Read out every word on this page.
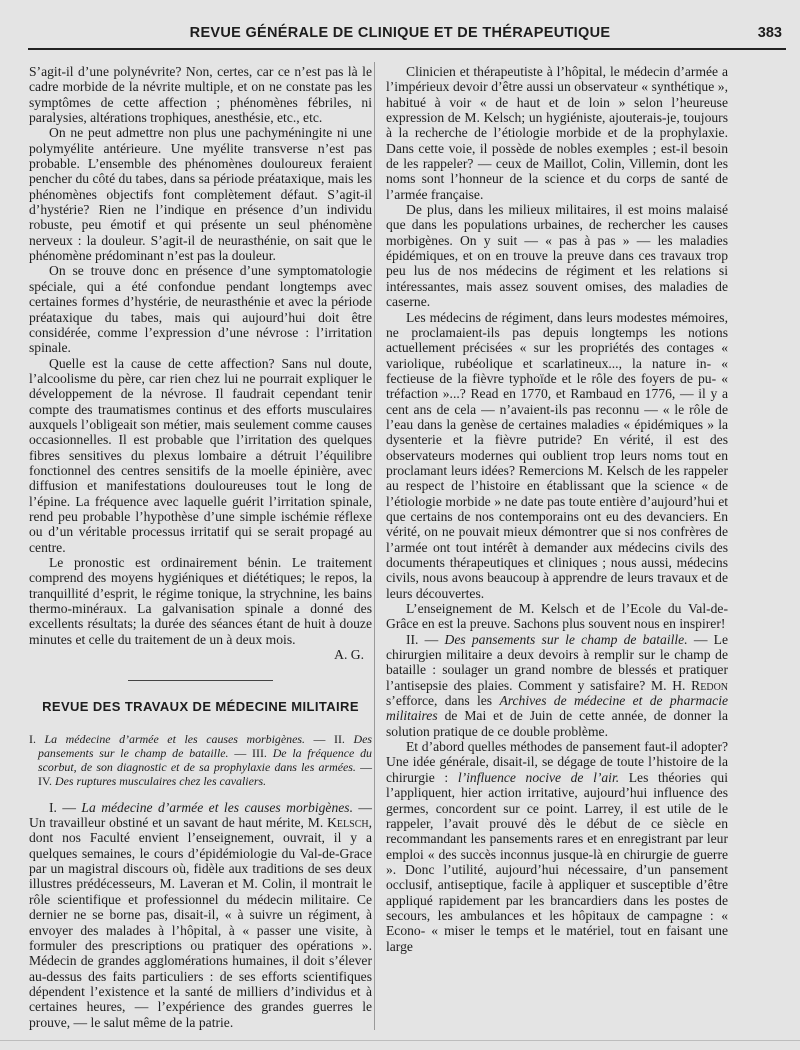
REVUE GÉNÉRALE DE CLINIQUE ET DE THÉRAPEUTIQUE	383

S’agit-il d’une polynévrite? Non, certes, car ce n’est pas là le cadre morbide de la névrite multiple, et on ne constate pas les symptômes de cette affection ; phénomènes fébriles, ni paralysies, altérations trophiques, anesthésie, etc., etc.

On ne peut admettre non plus une pachyméningite ni une polymyélite antérieure. Une myélite transverse n’est pas probable. L’ensemble des phénomènes douloureux feraient pencher du côté du tabes, dans sa période préataxique, mais les phénomènes objectifs font complètement défaut. S’agit-il d’hystérie? Rien ne l’indique en présence d’un individu robuste, peu émotif et qui présente un seul phénomène nerveux : la douleur. S’agit-il de neurasthénie, on sait que le phénomène prédominant n’est pas la douleur.

On se trouve donc en présence d’une symptomatologie spéciale, qui a été confondue pendant longtemps avec certaines formes d’hystérie, de neurasthénie et avec la période préataxique du tabes, mais qui aujourd’hui doit être considérée, comme l’expression d’une névrose : l’irritation spinale.

Quelle est la cause de cette affection? Sans nul doute, l’alcoolisme du père, car rien chez lui ne pourrait expliquer le développement de la névrose. Il faudrait cependant tenir compte des traumatismes continus et des efforts musculaires auxquels l’obligeait son métier, mais seulement comme causes occasionnelles. Il est probable que l’irritation des quelques fibres sensitives du plexus lombaire a détruit l’équilibre fonctionnel des centres sensitifs de la moelle épinière, avec diffusion et manifestations douloureuses tout le long de l’épine. La fréquence avec laquelle guérit l’irritation spinale, rend peu probable l’hypothèse d’une simple ischémie réflexe ou d’un véritable processus irritatif qui se serait propagé au centre.

Le pronostic est ordinairement bénin. Le traitement comprend des moyens hygiéniques et diététiques; le repos, la tranquillité d’esprit, le régime tonique, la strychnine, les bains thermo-minéraux. La galvanisation spinale a donné des excellents résultats; la durée des séances étant de huit à douze minutes et celle du traitement de un à deux mois.

A. G.

REVUE DES TRAVAUX DE MÉDECINE MILITAIRE

I. La médecine d’armée et les causes morbigènes. — II. Des pansements sur le champ de bataille. — III. De la fréquence du scorbut, de son diagnostic et de sa prophylaxie dans les armées. — IV. Des ruptures musculaires chez les cavaliers.

I. — La médecine d’armée et les causes morbigènes. — Un travailleur obstiné et un savant de haut mérite, M. Kelsch, dont nos Faculté envient l’enseignement, ouvrait, il y a quelques semaines, le cours d’épidémiologie du Val-de-Grace par un magistral discours où, fidèle aux traditions de ses deux illustres prédécesseurs, M. Laveran et M. Colin, il montrait le rôle scientifique et professionnel du médecin militaire. Ce dernier ne se borne pas, disait-il, « à suivre un régiment, à envoyer des malades à l’hôpital, à « passer une visite, à formuler des prescriptions ou pratiquer des opérations ». Médecin de grandes agglomérations humaines, il doit s’élever au-dessus des faits particuliers : de ses efforts scientifiques dépendent l’existence et la santé de milliers d’individus et à certaines heures, — l’expérience des grandes guerres le prouve, — le salut même de la patrie.

Clinicien et thérapeutiste à l’hôpital, le médecin d’armée a l’impérieux devoir d’être aussi un observateur « synthétique », habitué à voir « de haut et de loin » selon l’heureuse expression de M. Kelsch; un hygiéniste, ajouterais-je, toujours à la recherche de l’étiologie morbide et de la prophylaxie. Dans cette voie, il possède de nobles exemples ; est-il besoin de les rappeler? — ceux de Maillot, Colin, Villemin, dont les noms sont l’honneur de la science et du corps de santé de l’armée française.

De plus, dans les milieux militaires, il est moins malaisé que dans les populations urbaines, de rechercher les causes morbigènes. On y suit — « pas à pas » — les maladies épidémiques, et on en trouve la preuve dans ces travaux trop peu lus de nos médecins de régiment et les relations si intéressantes, mais assez souvent omises, des maladies de caserne.

Les médecins de régiment, dans leurs modestes mémoires, ne proclamaient-ils pas depuis longtemps les notions actuellement précisées « sur les propriétés des contages « variolique, rubéolique et scarlatineux..., la nature in- « fectieuse de la fièvre typhoïde et le rôle des foyers de pu- « tréfaction »...? Read en 1770, et Rambaud en 1776, — il y a cent ans de cela — n’avaient-ils pas reconnu — « le rôle de l’eau dans la genèse de certaines maladies « épidémiques » la dysenterie et la fièvre putride? En vérité, il est des observateurs modernes qui oublient trop leurs noms tout en proclamant leurs idées? Remercions M. Kelsch de les rappeler au respect de l’histoire en établissant que la science « de l’étiologie morbide » ne date pas toute entière d’aujourd’hui et que certains de nos contemporains ont eu des devanciers. En vérité, on ne pouvait mieux démontrer que si nos confrères de l’armée ont tout intérêt à demander aux médecins civils des documents thérapeutiques et cliniques ; nous aussi, médecins civils, nous avons beaucoup à apprendre de leurs travaux et de leurs découvertes.

L’enseignement de M. Kelsch et de l’Ecole du Val-de-Grâce en est la preuve. Sachons plus souvent nous en inspirer!

II. — Des pansements sur le champ de bataille. — Le chirurgien militaire a deux devoirs à remplir sur le champ de bataille : soulager un grand nombre de blessés et pratiquer l’antisepsie des plaies. Comment y satisfaire? M. H. Redon s’efforce, dans les Archives de médecine et de pharmacie militaires de Mai et de Juin de cette année, de donner la solution pratique de ce double problème.

Et d’abord quelles méthodes de pansement faut-il adopter? Une idée générale, disait-il, se dégage de toute l’histoire de la chirurgie : l’influence nocive de l’air. Les théories qui l’appliquent, hier action irritative, aujourd’hui influence des germes, concordent sur ce point. Larrey, il est utile de le rappeler, l’avait prouvé dès le début de ce siècle en recommandant les pansements rares et en enregistrant par leur emploi « des succès inconnus jusque-là en chirurgie de guerre ». Donc l’utilité, aujourd’hui nécessaire, d’un pansement occlusif, antiseptique, facile à appliquer et susceptible d’être appliqué rapidement par les brancardiers dans les postes de secours, les ambulances et les hôpitaux de campagne : « Econo- « miser le temps et le matériel, tout en faisant une large
